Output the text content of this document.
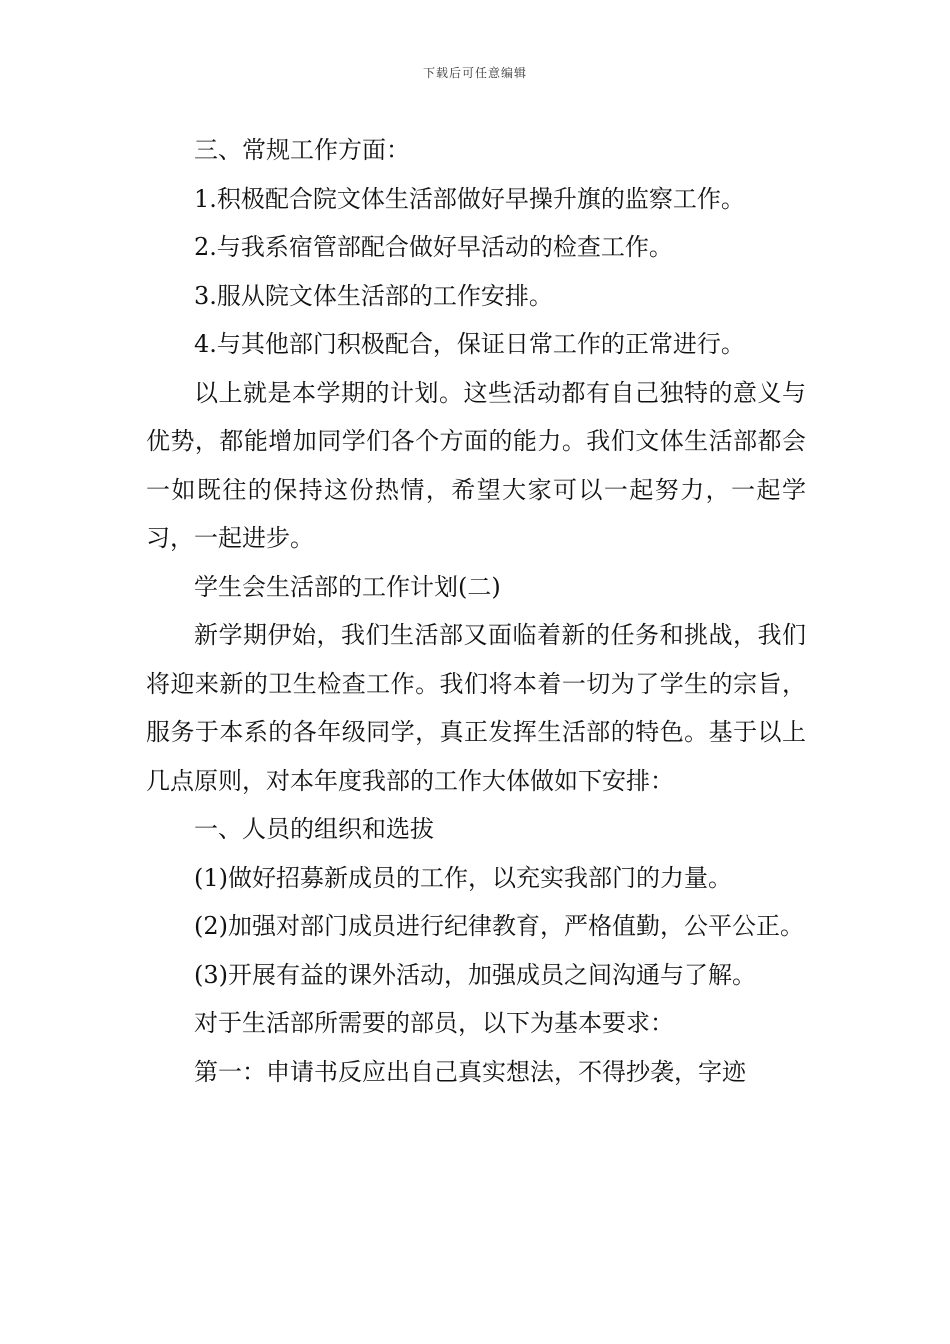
下载后可任意编辑

三、常规工作方面：

1.积极配合院文体生活部做好早操升旗的监察工作。

2.与我系宿管部配合做好早活动的检查工作。

3.服从院文体生活部的工作安排。

4.与其他部门积极配合，保证日常工作的正常进行。

以上就是本学期的计划。这些活动都有自己独特的意义与优势，都能增加同学们各个方面的能力。我们文体生活部都会一如既往的保持这份热情，希望大家可以一起努力，一起学习，一起进步。

学生会生活部的工作计划(二)

新学期伊始，我们生活部又面临着新的任务和挑战，我们将迎来新的卫生检查工作。我们将本着一切为了学生的宗旨，服务于本系的各年级同学，真正发挥生活部的特色。基于以上几点原则，对本年度我部的工作大体做如下安排：

一、人员的组织和选拔

(1)做好招募新成员的工作，以充实我部门的力量。

(2)加强对部门成员进行纪律教育，严格值勤，公平公正。

(3)开展有益的课外活动，加强成员之间沟通与了解。

对于生活部所需要的部员，以下为基本要求：

第一：申请书反应出自己真实想法，不得抄袭，字迹
